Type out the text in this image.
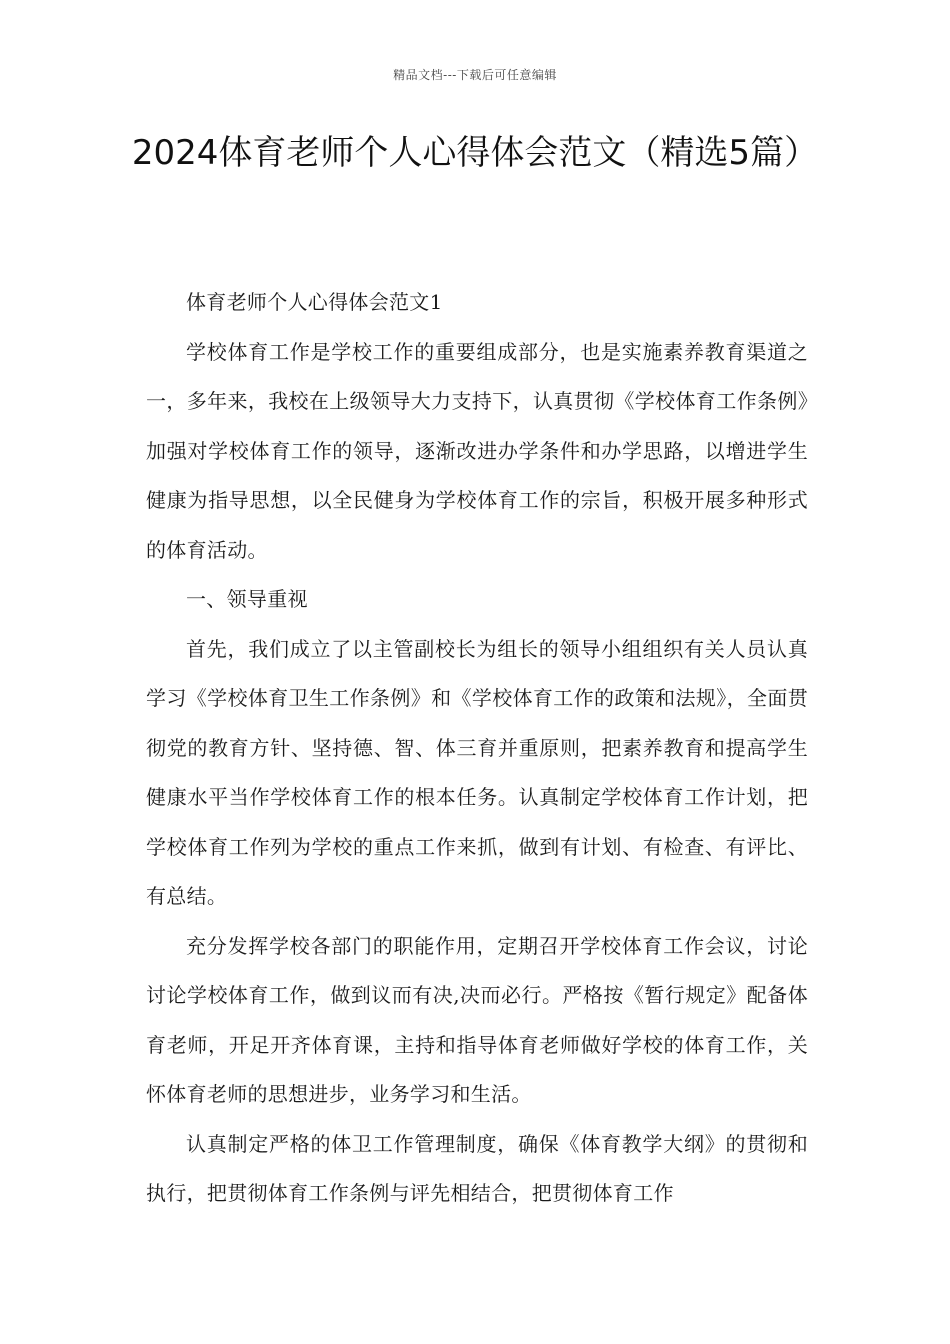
精品文档---下载后可任意编辑
2024体育老师个人心得体会范文（精选5篇）

体育老师个人心得体会范文1

学校体育工作是学校工作的重要组成部分，也是实施素养教育渠道之一，多年来，我校在上级领导大力支持下，认真贯彻《学校体育工作条例》加强对学校体育工作的领导，逐渐改进办学条件和办学思路，以增进学生健康为指导思想，以全民健身为学校体育工作的宗旨，积极开展多种形式的体育活动。

一、领导重视

首先，我们成立了以主管副校长为组长的领导小组组织有关人员认真学习《学校体育卫生工作条例》和《学校体育工作的政策和法规》，全面贯彻党的教育方针、坚持德、智、体三育并重原则，把素养教育和提高学生健康水平当作学校体育工作的根本任务。认真制定学校体育工作计划，把学校体育工作列为学校的重点工作来抓，做到有计划、有检查、有评比、有总结。

充分发挥学校各部门的职能作用，定期召开学校体育工作会议，讨论讨论学校体育工作，做到议而有决,决而必行。严格按《暂行规定》配备体育老师，开足开齐体育课，主持和指导体育老师做好学校的体育工作，关怀体育老师的思想进步，业务学习和生活。

认真制定严格的体卫工作管理制度，确保《体育教学大纲》的贯彻和执行，把贯彻体育工作条例与评先相结合，把贯彻体育工作
